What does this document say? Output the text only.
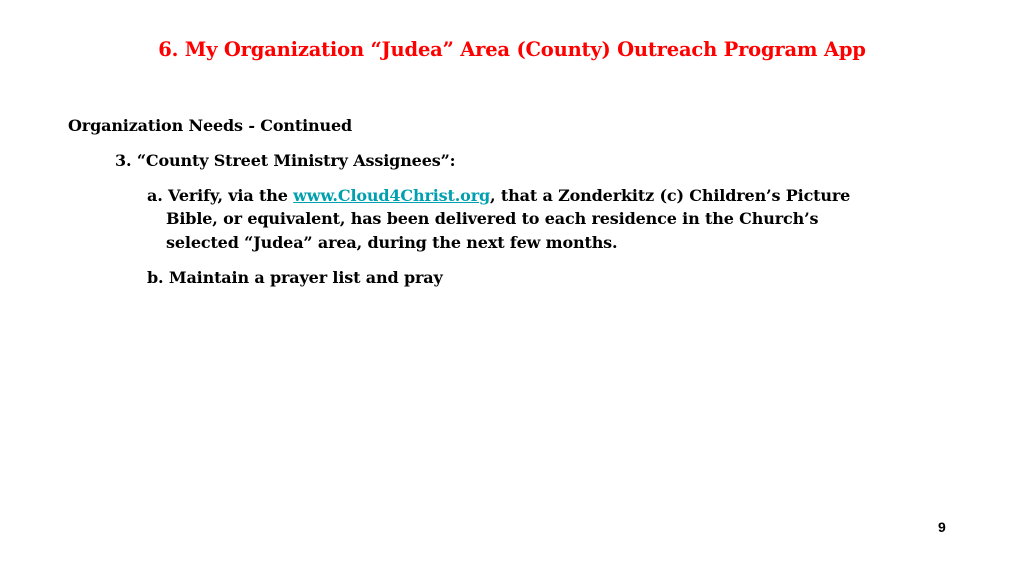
6. My Organization “Judea” Area (County) Outreach Program App
Organization Needs - Continued
3. “County Street Ministry Assignees”:
a. Verify, via the www.Cloud4Christ.org, that a Zonderkitz (c) Children’s Picture
Bible, or equivalent, has been delivered to each residence in the Church’s
selected “Judea” area, during the next few months.
b. Maintain a prayer list and pray
9
